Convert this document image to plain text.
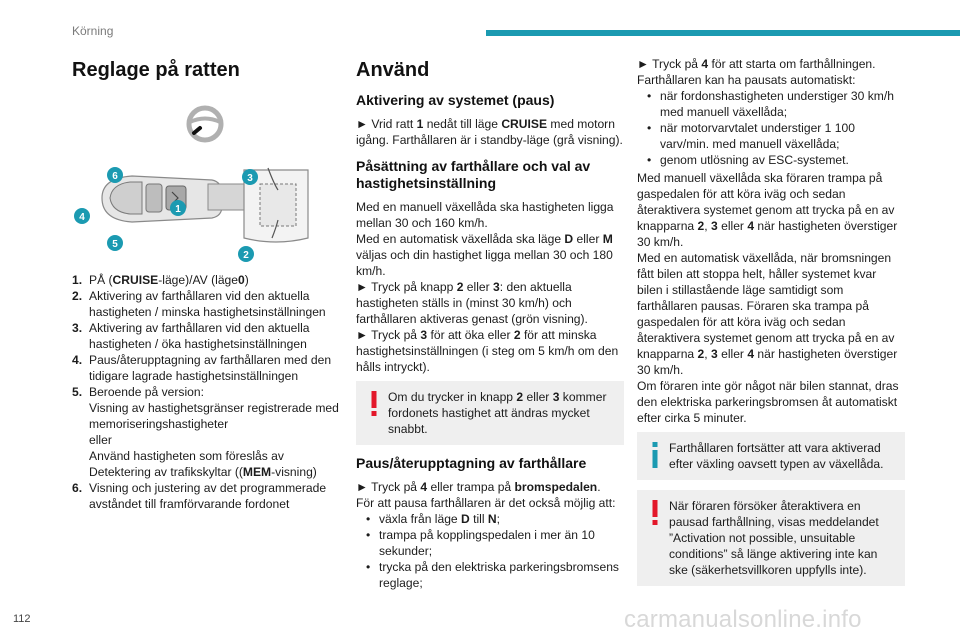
Körning
Reglage på ratten
6
4
5
1
3
2
1. PÅ (CRUISE-läge)/AV (läge0)
2. Aktivering av farthållaren vid den aktuella hastigheten / minska hastighetsinställningen
3. Aktivering av farthållaren vid den aktuella hastigheten / öka hastighetsinställningen
4. Paus/återupptagning av farthållaren med den tidigare lagrade hastighetsinställningen
5. Beroende på version:
Visning av hastighetsgränser registrerade med memoriseringshastigheter
eller
Använd hastigheten som föreslås av Detektering av trafikskyltar ((MEM-visning)
6. Visning och justering av det programmerade avståndet till framförvarande fordonet
Använd
Aktivering av systemet (paus)

► Vrid ratt 1 nedåt till läge CRUISE med motorn igång. Farthållaren är i standby-läge (grå visning).

Påsättning av farthållare och val av hastighetsinställning

Med en manuell växellåda ska hastigheten ligga mellan 30 och 160 km/h.

Med en automatisk växellåda ska läge D eller M väljas och din hastighet ligga mellan 30 och 180 km/h.

► Tryck på knapp 2 eller 3: den aktuella hastigheten ställs in (minst 30 km/h) och farthållaren aktiveras genast (grön visning).

► Tryck på 3 för att öka eller 2 för att minska hastighetsinställningen (i steg om 5 km/h om den hålls intryckt).

Om du trycker in knapp 2 eller 3 kommer fordonets hastighet att ändras mycket snabbt.
Paus/återupptagning av farthållare

► Tryck på 4 eller trampa på bromspedalen.

För att pausa farthållaren är det också möjlig att:

• växla från läge D till N;
• trampa på kopplingspedalen i mer än 10 sekunder;
• trycka på den elektriska parkeringsbromsens reglage;

► Tryck på 4 för att starta om farthållningen.

Farthållaren kan ha pausats automatiskt:

• när fordonshastigheten understiger 30 km/h med manuell växellåda;
• när motorvarvtalet understiger 1 100 varv/min. med manuell växellåda;
• genom utlösning av ESC-systemet.

Med manuell växellåda ska föraren trampa på gaspedalen för att köra iväg och sedan återaktivera systemet genom att trycka på en av knapparna 2, 3 eller 4 när hastigheten överstiger 30 km/h.

Med en automatisk växellåda, när bromsningen fått bilen att stoppa helt, håller systemet kvar bilen i stillastående läge samtidigt som farthållaren pausas. Föraren ska trampa på gaspedalen för att köra iväg och sedan återaktivera systemet genom att trycka på en av knapparna 2, 3 eller 4 när hastigheten överstiger 30 km/h.

Om föraren inte gör något när bilen stannat, dras den elektriska parkeringsbromsen åt automatiskt efter cirka 5 minuter.

Farthållaren fortsätter att vara aktiverad efter växling oavsett typen av växellåda.
När föraren försöker återaktivera en pausad farthållning, visas meddelandet ”Activation not possible, unsuitable conditions” så länge aktivering inte kan ske (säkerhetsvillkoren uppfylls inte).
112	carmanualsonline.info
